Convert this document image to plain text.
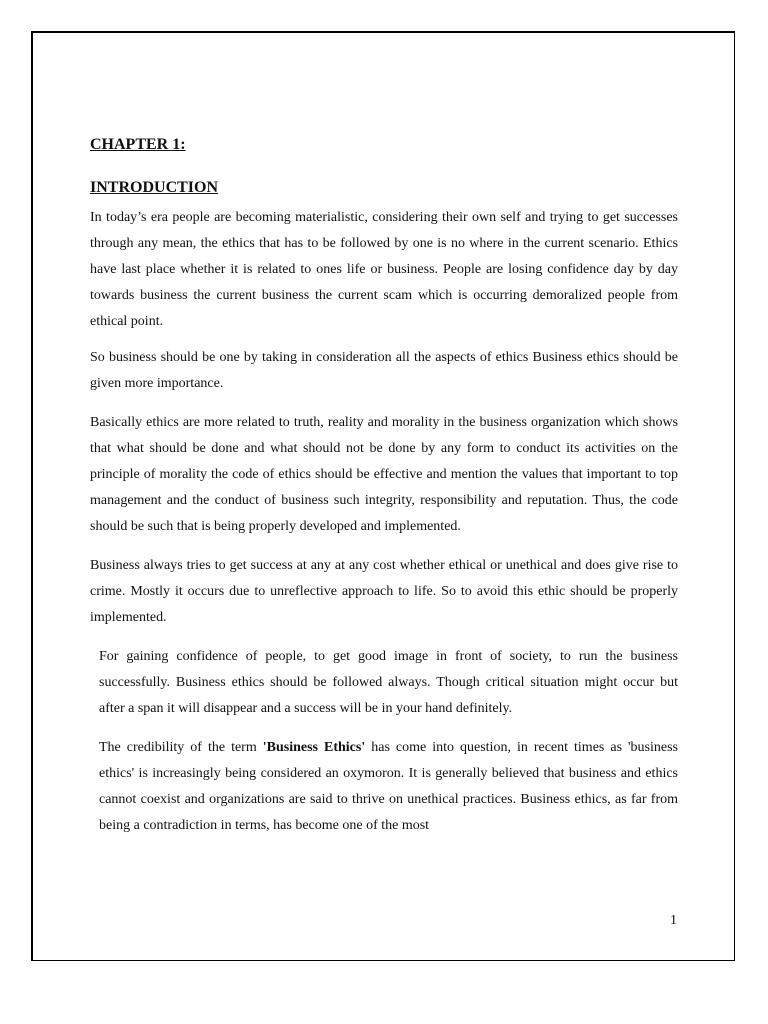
CHAPTER 1:

INTRODUCTION

In today’s era people are becoming materialistic, considering their own self and trying to get successes through any mean, the ethics that has to be followed by one is no where in the current scenario. Ethics have last place whether it is related to ones life or business. People are losing confidence day by day towards business the current business the current scam which is occurring demoralized people from ethical point.

So business should be one by taking in consideration all the aspects of ethics Business ethics should be given more importance.

Basically ethics are more related to truth, reality and morality in the business organization which shows that what should be done and what should not be done by any form to conduct its activities on the principle of morality the code of ethics should be effective and mention the values that important to top management and the conduct of business such integrity, responsibility and reputation. Thus, the code should be such that is being properly developed and implemented.

Business always tries to get success at any at any cost whether ethical or unethical and does give rise to crime. Mostly it occurs due to unreflective approach to life. So to avoid this ethic should be properly implemented.

For gaining confidence of people, to get good image in front of society, to run the business successfully. Business ethics should be followed always. Though critical situation might occur but after a span it will disappear and a success will be in your hand definitely.

The credibility of the term 'Business Ethics' has come into question, in recent times as 'business ethics' is increasingly being considered an oxymoron. It is generally believed that business and ethics cannot coexist and organizations are said to thrive on unethical practices. Business ethics, as far from being a contradiction in terms, has become one of the most

1
